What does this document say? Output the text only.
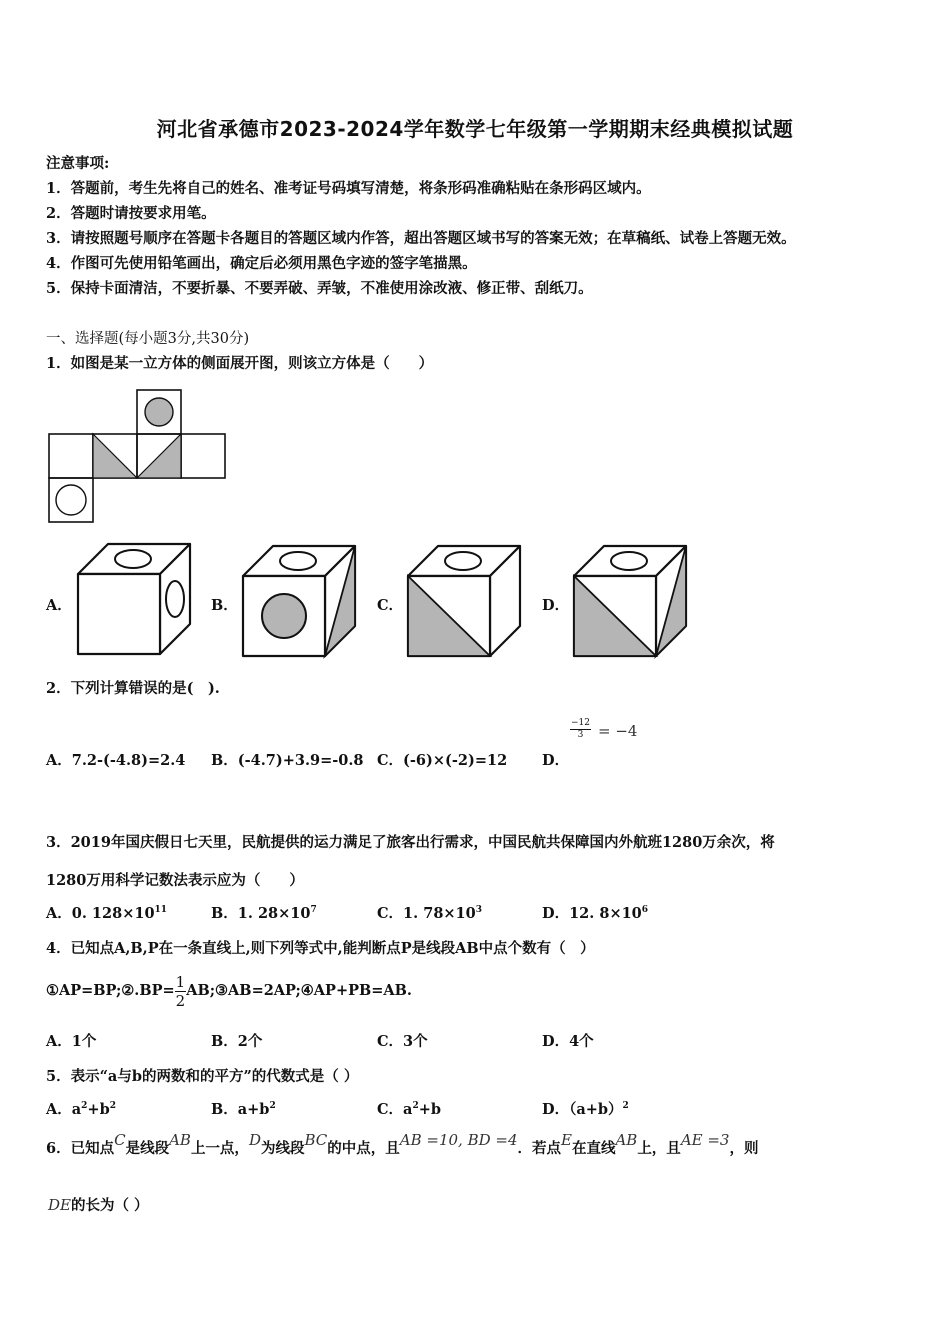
河北省承德市2023-2024学年数学七年级第一学期期末经典模拟试题
注意事项:
1．答题前，考生先将自己的姓名、准考证号码填写清楚，将条形码准确粘贴在条形码区域内。
2．答题时请按要求用笔。
3．请按照题号顺序在答题卡各题目的答题区域内作答，超出答题区域书写的答案无效；在草稿纸、试卷上答题无效。
4．作图可先使用铅笔画出，确定后必须用黑色字迹的签字笔描黑。
5．保持卡面清洁，不要折暴、不要弄破、弄皱，不准使用涂改液、修正带、刮纸刀。
一、选择题(每小题3分,共30分)
1．如图是某一立方体的侧面展开图，则该立方体是（　　）
A．	B．	C．	D．
2．下列计算错误的是(　).
A．7.2-(-4.8)=2.4 B．(-4.7)+3.9=-0.8 C．(-6)×(-2)=12 D．
$\frac{-12}{3} = -4$
3．2019年国庆假日七天里，民航提供的运力满足了旅客出行需求，中国民航共保障国内外航班1280万余次，将
1280万用科学记数法表示应为（　　）
A．0. $128\times 10^{11}$	B．1. $28\times 10^7$	C．1. $78\times 10^3$	D．12. $8\times 10^6$
4．已知点A,B,P在一条直线上,则下列等式中,能判断点P是线段AB中点个数有（　）
①AP=BP;②.BP= $\frac{1}{2}$ AB;③AB=2AP;④AP+PB=AB.
A．1个	B．2个	C．3个	D．4个
5．表示“a与b的两数和的平方”的代数式是（ ）
A．$a^2+b^2$	B．$a+b^2$	C．$a^2+b$	D．$(a+b)^2$
6．已知点C是线段AB上一点，D为线段BC的中点，且AB =10, BD =4．若点E在直线AB上，且AE =3，则
DE的长为（ ）
